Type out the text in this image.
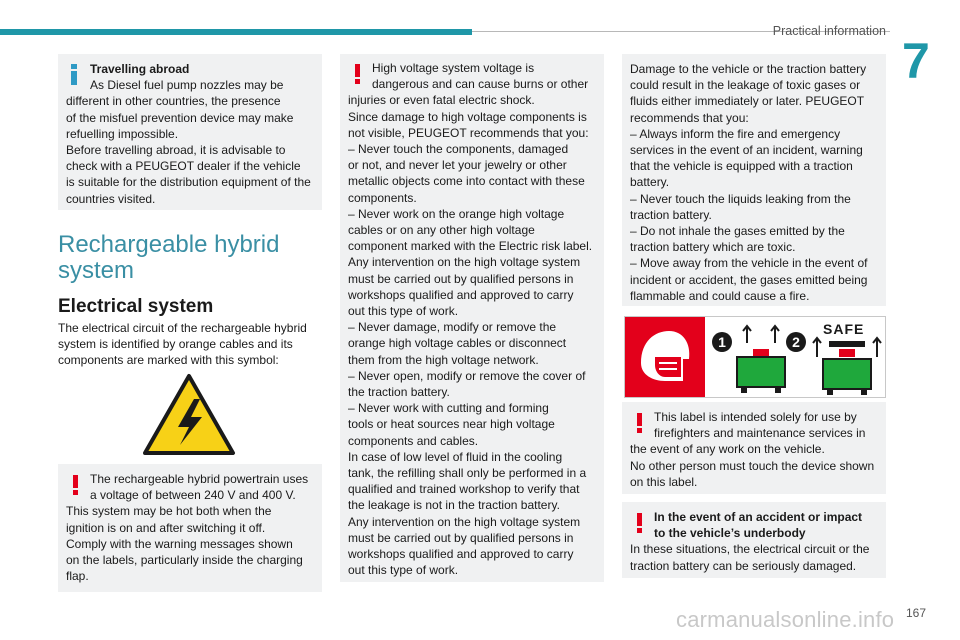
Practical information
7

Travelling abroad

As Diesel fuel pump nozzles may be

different in other countries, the presence

of the misfuel prevention device may make

refuelling impossible.

Before travelling abroad, it is advisable to

check with a PEUGEOT dealer if the vehicle

is suitable for the distribution equipment of the

countries visited.

Rechargeable hybrid
system
Electrical system
The electrical circuit of the rechargeable hybrid
system is identified by orange cables and its
components are marked with this symbol:

The rechargeable hybrid powertrain uses

a voltage of between 240 V and 400 V.

This system may be hot both when the

ignition is on and after switching it off.

Comply with the warning messages shown

on the labels, particularly inside the charging

flap.

High voltage system voltage is

dangerous and can cause burns or other

injuries or even fatal electric shock.

Since damage to high voltage components is

not visible, PEUGEOT recommends that you:

– Never touch the components, damaged

or not, and never let your jewelry or other

metallic objects come into contact with these

components.

– Never work on the orange high voltage

cables or on any other high voltage

component marked with the Electric risk label.

Any intervention on the high voltage system

must be carried out by qualified persons in

workshops qualified and approved to carry

out this type of work.

– Never damage, modify or remove the

orange high voltage cables or disconnect

them from the high voltage network.

– Never open, modify or remove the cover of

the traction battery.

– Never work with cutting and forming

tools or heat sources near high voltage

components and cables.

In case of low level of fluid in the cooling

tank, the refilling shall only be performed in a

qualified and trained workshop to verify that

the leakage is not in the traction battery.

Any intervention on the high voltage system

must be carried out by qualified persons in

workshops qualified and approved to carry

out this type of work.

Damage to the vehicle or the traction battery

could result in the leakage of toxic gases or

fluids either immediately or later. PEUGEOT

recommends that you:

– Always inform the fire and emergency

services in the event of an incident, warning

that the vehicle is equipped with a traction

battery.

– Never touch the liquids leaking from the

traction battery.

– Do not inhale the gases emitted by the

traction battery which are toxic.

– Move away from the vehicle in the event of

incident or accident, the gases emitted being

flammable and could cause a fire.

1	2
SAFE

This label is intended solely for use by

firefighters and maintenance services in

the event of any work on the vehicle.

No other person must touch the device shown

on this label.

In the event of an accident or impact

to the vehicle’s underbody

In these situations, the electrical circuit or the

traction battery can be seriously damaged.

carmanualsonline.info 167
